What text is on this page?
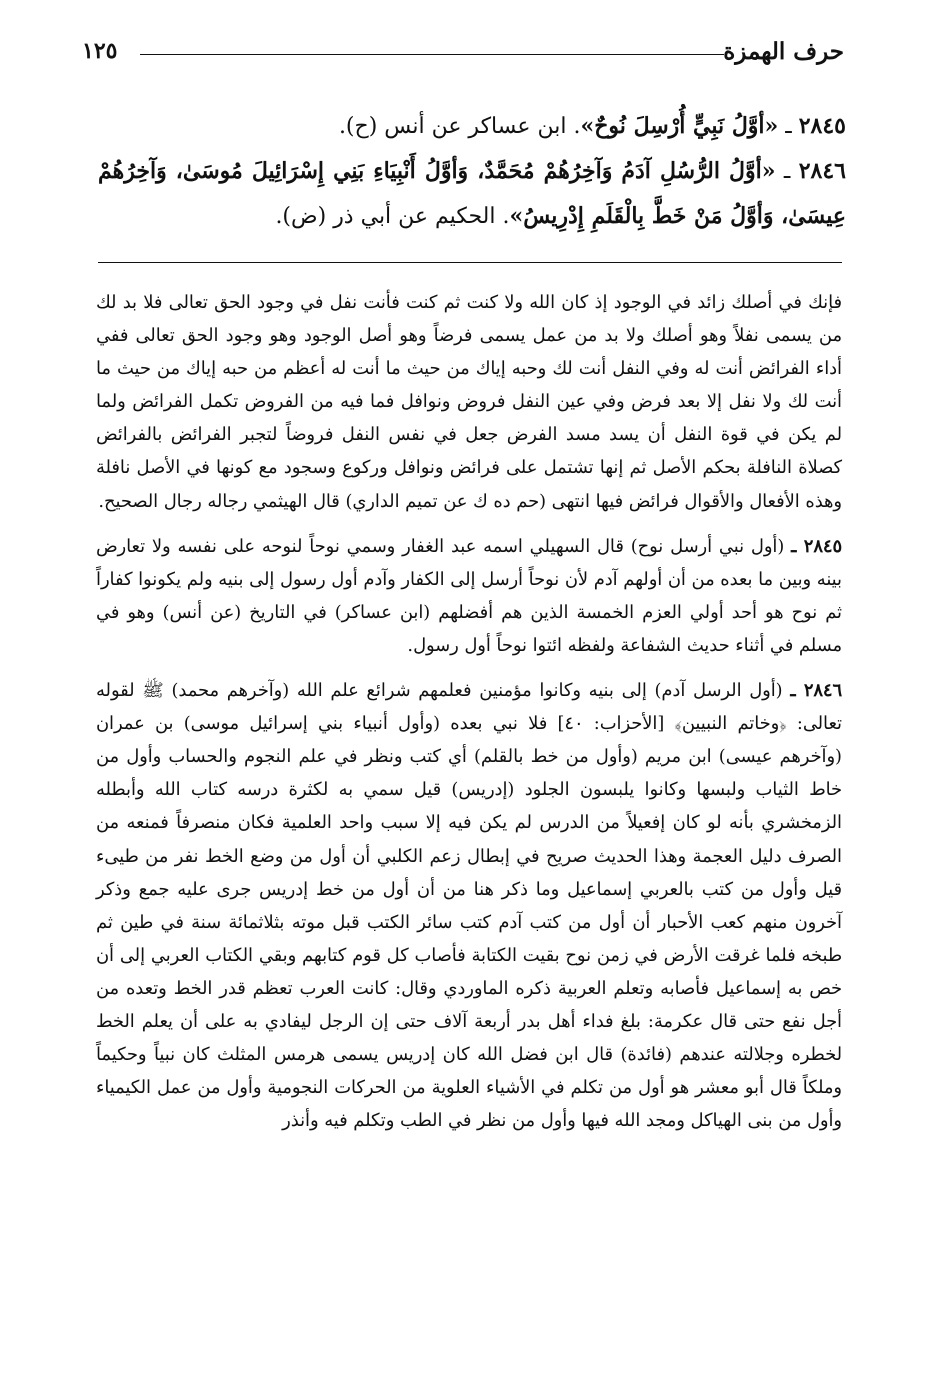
حرف الهمزة
١٢٥

٢٨٤٥ ـ «أوَّلُ نَبِيٍّ أُرْسِلَ نُوحٌ». ابن عساكر عن أنس (ح).

٢٨٤٦ ـ «أوَّلُ الرُّسُلِ آدَمُ وَآخِرُهُمْ مُحَمَّدٌ، وَأوَّلُ أَنْبِيَاءِ بَنِي إِسْرَائِيلَ مُوسَىٰ، وَآخِرُهُمْ عِيسَىٰ، وَأوَّلُ مَنْ خَطَّ بِالْقَلَمِ إِدْرِيسُ». الحكيم عن أبي ذر (ض).

فإنك في أصلك زائد في الوجود إذ كان الله ولا كنت ثم كنت فأنت نفل في وجود الحق تعالى فلا بد لك من يسمى نفلاً وهو أصلك ولا بد من عمل يسمى فرضاً وهو أصل الوجود وهو وجود الحق تعالى ففي أداء الفرائض أنت له وفي النفل أنت لك وحبه إياك من حيث ما أنت له أعظم من حبه إياك من حيث ما أنت لك ولا نفل إلا بعد فرض وفي عين النفل فروض ونوافل فما فيه من الفروض تكمل الفرائض ولما لم يكن في قوة النفل أن يسد مسد الفرض جعل في نفس النفل فروضاً لتجبر الفرائض بالفرائض كصلاة النافلة بحكم الأصل ثم إنها تشتمل على فرائض ونوافل وركوع وسجود مع كونها في الأصل نافلة وهذه الأفعال والأقوال فرائض فيها انتهى (حم ده ك عن تميم الداري) قال الهيثمي رجاله رجال الصحيح.

٢٨٤٥ ـ (أول نبي أرسل نوح) قال السهيلي اسمه عبد الغفار وسمي نوحاً لنوحه على نفسه ولا تعارض بينه وبين ما بعده من أن أولهم آدم لأن نوحاً أرسل إلى الكفار وآدم أول رسول إلى بنيه ولم يكونوا كفاراً ثم نوح هو أحد أولي العزم الخمسة الذين هم أفضلهم (ابن عساكر) في التاريخ (عن أنس) وهو في مسلم في أثناء حديث الشفاعة ولفظه ائتوا نوحاً أول رسول.

٢٨٤٦ ـ (أول الرسل آدم) إلى بنيه وكانوا مؤمنين فعلمهم شرائع علم الله (وآخرهم محمد) ﷺ لقوله تعالى: ﴿وخاتم النبيين﴾ [الأحزاب: ٤٠] فلا نبي بعده (وأول أنبياء بني إسرائيل موسى) بن عمران (وآخرهم عيسى) ابن مريم (وأول من خط بالقلم) أي كتب ونظر في علم النجوم والحساب وأول من خاط الثياب ولبسها وكانوا يلبسون الجلود (إدريس) قيل سمي به لكثرة درسه كتاب الله وأبطله الزمخشري بأنه لو كان إفعيلاً من الدرس لم يكن فيه إلا سبب واحد العلمية فكان منصرفاً فمنعه من الصرف دليل العجمة وهذا الحديث صريح في إبطال زعم الكلبي أن أول من وضع الخط نفر من طيىء قيل وأول من كتب بالعربي إسماعيل وما ذكر هنا من أن أول من خط إدريس جرى عليه جمع وذكر آخرون منهم كعب الأحبار أن أول من كتب آدم كتب سائر الكتب قبل موته بثلاثمائة سنة في طين ثم طبخه فلما غرقت الأرض في زمن نوح بقيت الكتابة فأصاب كل قوم كتابهم وبقي الكتاب العربي إلى أن خص به إسماعيل فأصابه وتعلم العربية ذكره الماوردي وقال: كانت العرب تعظم قدر الخط وتعده من أجل نفع حتى قال عكرمة: بلغ فداء أهل بدر أربعة آلاف حتى إن الرجل ليفادي به على أن يعلم الخط لخطره وجلالته عندهم (فائدة) قال ابن فضل الله كان إدريس يسمى هرمس المثلث كان نبياً وحكيماً وملكاً قال أبو معشر هو أول من تكلم في الأشياء العلوية من الحركات النجومية وأول من عمل الكيمياء وأول من بنى الهياكل ومجد الله فيها وأول من نظر في الطب وتكلم فيه وأنذر
